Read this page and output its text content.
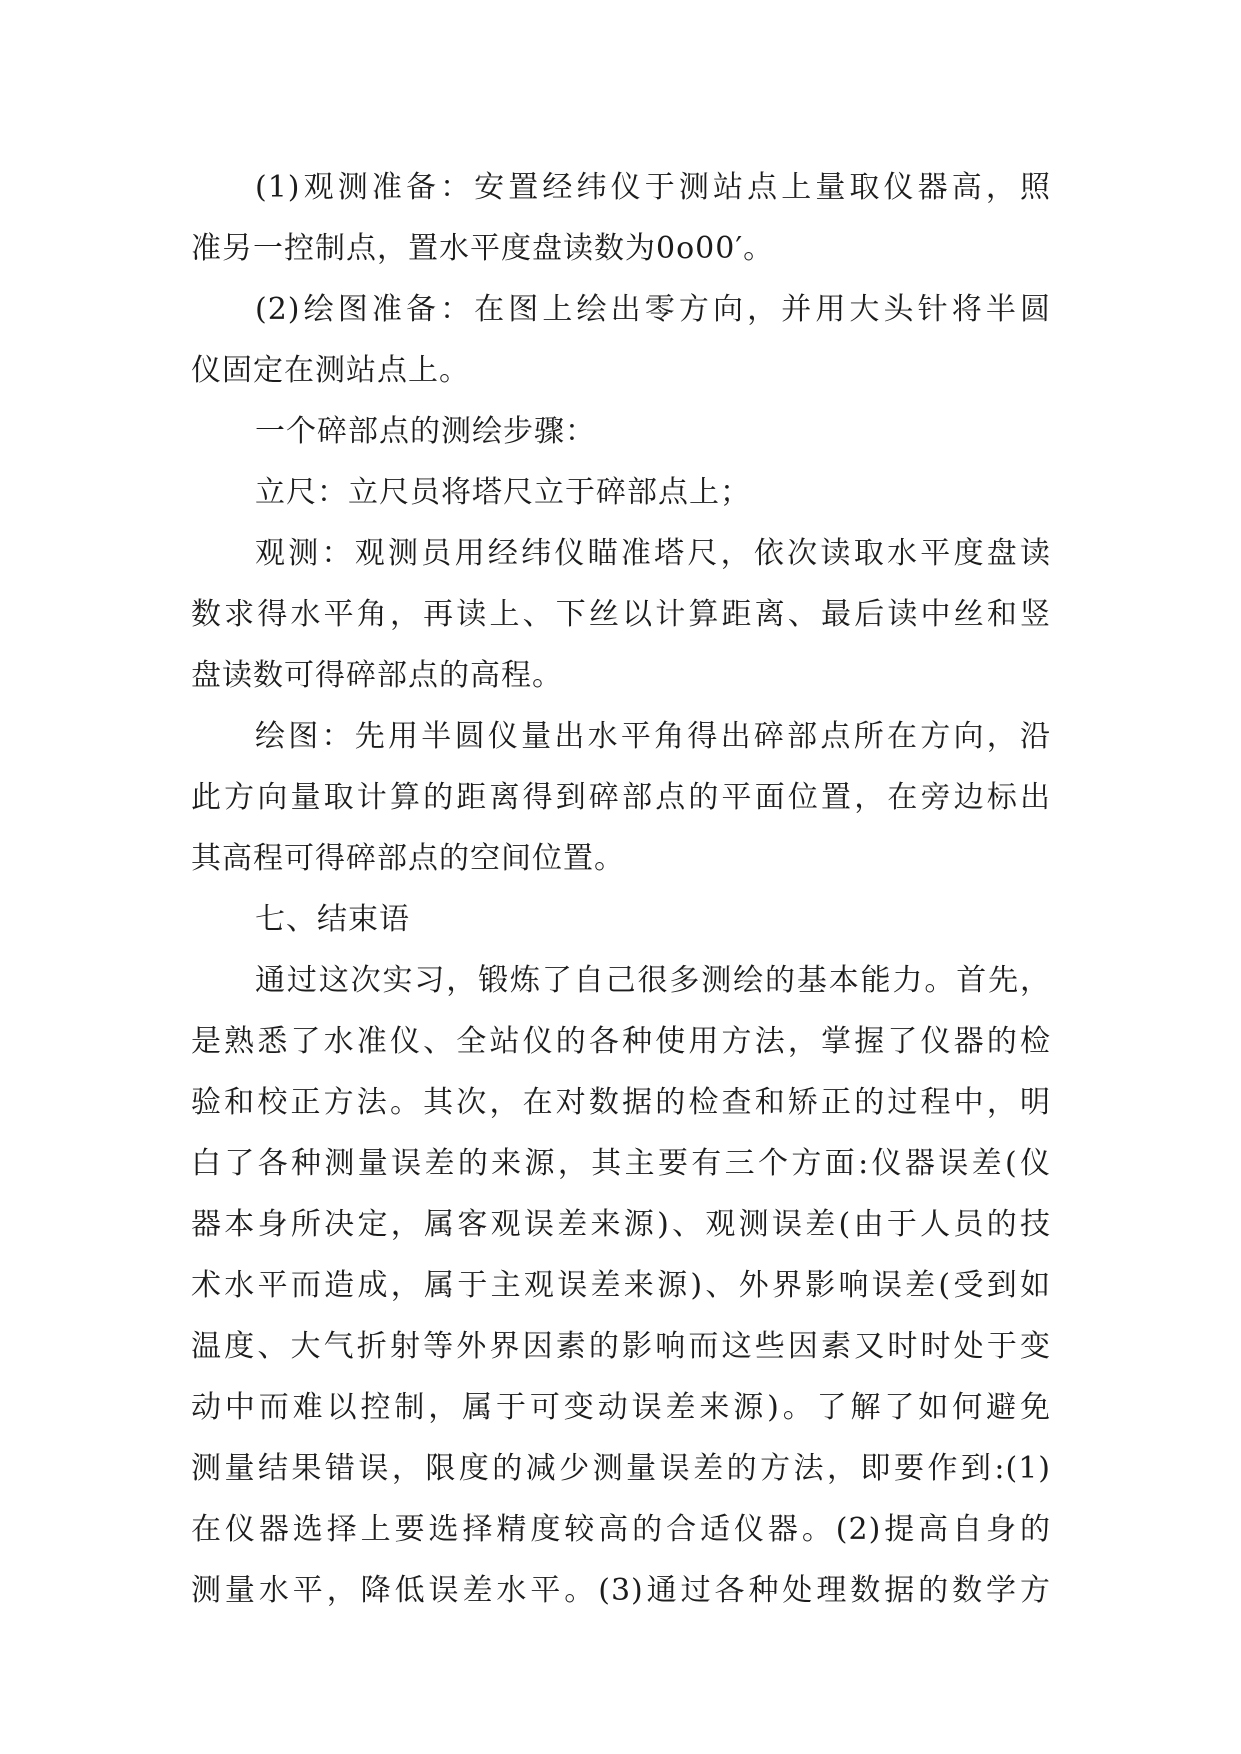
(1)观测准备：安置经纬仪于测站点上量取仪器高，照
准另一控制点，置水平度盘读数为0o00′。
(2)绘图准备：在图上绘出零方向，并用大头针将半圆
仪固定在测站点上。
一个碎部点的测绘步骤：
立尺：立尺员将塔尺立于碎部点上；
观测：观测员用经纬仪瞄准塔尺，依次读取水平度盘读
数求得水平角，再读上、下丝以计算距离、最后读中丝和竖
盘读数可得碎部点的高程。
绘图：先用半圆仪量出水平角得出碎部点所在方向，沿
此方向量取计算的距离得到碎部点的平面位置，在旁边标出
其高程可得碎部点的空间位置。
七、结束语
通过这次实习，锻炼了自己很多测绘的基本能力。首先，
是熟悉了水准仪、全站仪的各种使用方法，掌握了仪器的检
验和校正方法。其次，在对数据的检查和矫正的过程中，明
白了各种测量误差的来源，其主要有三个方面:仪器误差(仪
器本身所决定，属客观误差来源)、观测误差(由于人员的技
术水平而造成，属于主观误差来源)、外界影响误差(受到如
温度、大气折射等外界因素的影响而这些因素又时时处于变
动中而难以控制，属于可变动误差来源)。了解了如何避免
测量结果错误，限度的减少测量误差的方法，即要作到:(1)
在仪器选择上要选择精度较高的合适仪器。(2)提高自身的
测量水平，降低误差水平。(3)通过各种处理数据的数学方
